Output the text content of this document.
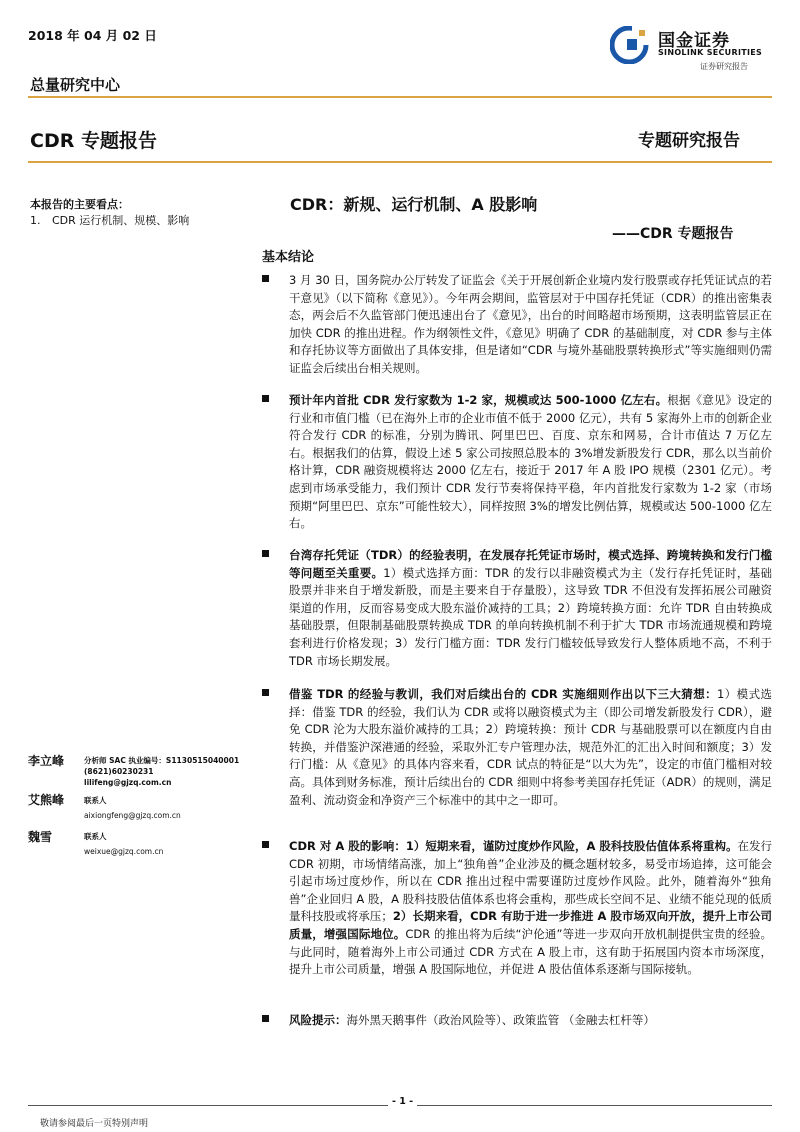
2018 年 04 月 02 日
总量研究中心
国金证券
SINOLINK SECURITIES
证券研究报告
CDR 专题报告	专题研究报告
本报告的主要看点：
1.	CDR 运行机制、规模、影响
CDR：新规、运行机制、A 股影响
——CDR 专题报告
基本结论
3 月 30 日，国务院办公厅转发了证监会《关于开展创新企业境内发行股票或存托凭证试点的若干意见》（以下简称《意见》）。今年两会期间，监管层对于中国存托凭证（CDR）的推出密集表态，两会后不久监管部门便迅速出台了《意见》，出台的时间略超市场预期，这表明监管层正在加快 CDR 的推出进程。作为纲领性文件，《意见》明确了 CDR 的基础制度，对 CDR 参与主体和存托协议等方面做出了具体安排，但是诸如“CDR 与境外基础股票转换形式”等实施细则仍需证监会后续出台相关规则。
预计年内首批 CDR 发行家数为 1-2 家，规模或达 500-1000 亿左右。根据《意见》设定的行业和市值门槛（已在海外上市的企业市值不低于 2000 亿元），共有 5 家海外上市的创新企业符合发行 CDR 的标准，分别为腾讯、阿里巴巴、百度、京东和网易，合计市值达 7 万亿左右。根据我们的估算，假设上述 5 家公司按照总股本的 3%增发新股发行 CDR，那么以当前价格计算，CDR 融资规模将达 2000 亿左右，接近于 2017 年 A 股 IPO 规模（2301 亿元）。考虑到市场承受能力，我们预计 CDR 发行节奏将保持平稳，年内首批发行家数为 1-2 家（市场预期“阿里巴巴、京东”可能性较大），同样按照 3%的增发比例估算，规模或达 500-1000 亿左右。
台湾存托凭证（TDR）的经验表明，在发展存托凭证市场时，模式选择、跨境转换和发行门槛等问题至关重要。1）模式选择方面：TDR 的发行以非融资模式为主（发行存托凭证时，基础股票并非来自于增发新股，而是主要来自于存量股），这导致 TDR 不但没有发挥拓展公司融资渠道的作用，反而容易变成大股东溢价减持的工具；2）跨境转换方面：允许 TDR 自由转换成基础股票，但限制基础股票转换成 TDR 的单向转换机制不利于扩大 TDR 市场流通规模和跨境套利进行价格发现；3）发行门槛方面：TDR 发行门槛较低导致发行人整体质地不高，不利于 TDR 市场长期发展。
借鉴 TDR 的经验与教训，我们对后续出台的 CDR 实施细则作出以下三大猜想：1）模式选择：借鉴 TDR 的经验，我们认为 CDR 或将以融资模式为主（即公司增发新股发行 CDR），避免 CDR 沦为大股东溢价减持的工具；2）跨境转换：预计 CDR 与基础股票可以在额度内自由转换，并借鉴沪深港通的经验，采取外汇专户管理办法，规范外汇的汇出入时间和额度；3）发行门槛：从《意见》的具体内容来看，CDR 试点的特征是“以大为先”，设定的市值门槛相对较高。具体到财务标准，预计后续出台的 CDR 细则中将参考美国存托凭证（ADR）的规则，满足盈利、流动资金和净资产三个标准中的其中之一即可。
CDR 对 A 股的影响：1）短期来看，谨防过度炒作风险，A 股科技股估值体系将重构。在发行 CDR 初期，市场情绪高涨，加上“独角兽”企业涉及的概念题材较多，易受市场追捧，这可能会引起市场过度炒作，所以在 CDR 推出过程中需要谨防过度炒作风险。此外，随着海外“独角兽”企业回归 A 股，A 股科技股估值体系也将会重构，那些成长空间不足、业绩不能兑现的低质量科技股或将承压；2）长期来看，CDR 有助于进一步推进 A 股市场双向开放，提升上市公司质量，增强国际地位。CDR 的推出将为后续“沪伦通”等进一步双向开放机制提供宝贵的经验。与此同时，随着海外上市公司通过 CDR 方式在 A 股上市，这有助于拓展国内资本市场深度，提升上市公司质量，增强 A 股国际地位，并促进 A 股估值体系逐渐与国际接轨。
风险提示：海外黑天鹅事件（政治风险等）、政策监管 （金融去杠杆等）
李立峰	分析师 SAC 执业编号：S1130515040001
(8621)60230231
lilifeng@gjzq.com.cn
艾熊峰	联系人
aixiongfeng@gjzq.com.cn
魏雪	联系人
weixue@gjzq.com.cn
- 1 -
敬请参阅最后一页特别声明
